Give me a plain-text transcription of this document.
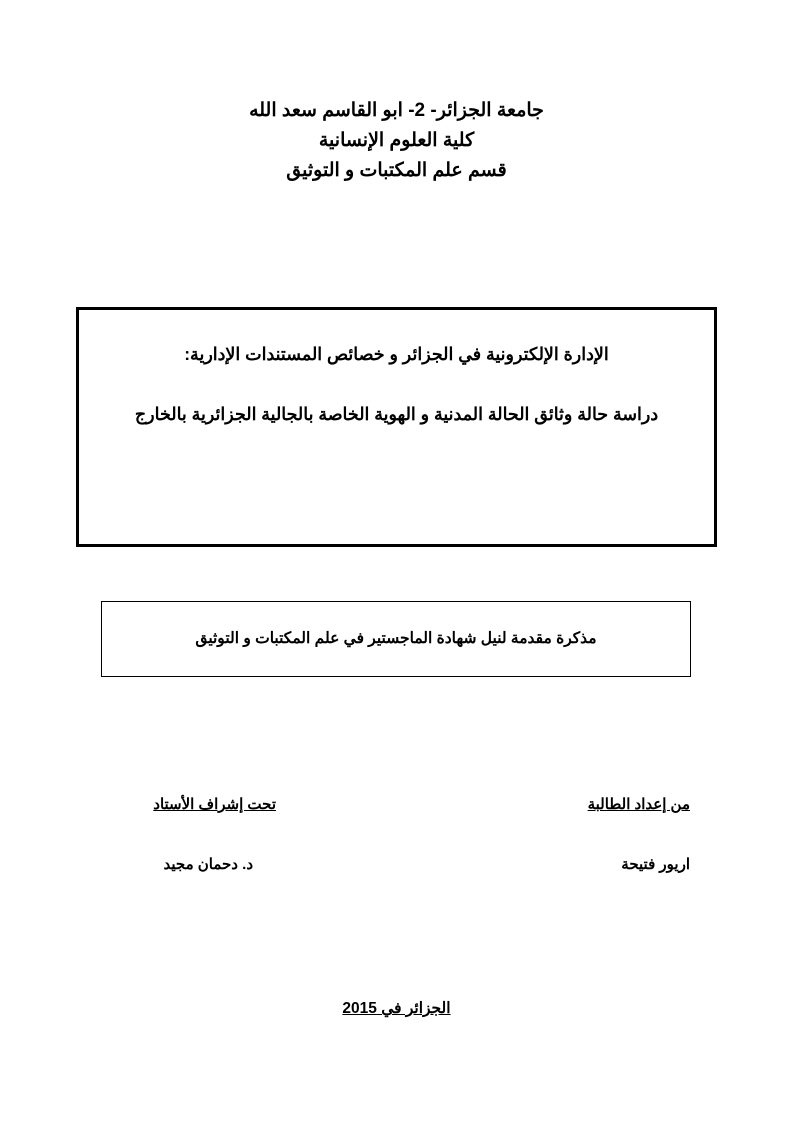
جامعة الجزائر- 2- ابو القاسم سعد الله
كلية العلوم الإنسانية
قسم علم المكتبات و التوثيق
الإدارة الإلكترونية في الجزائر و خصائص المستندات الإدارية:
دراسة حالة وثائق الحالة المدنية و الهوية الخاصة بالجالية الجزائرية بالخارج
مذكرة مقدمة لنيل شهادة الماجستير في علم المكتبات و التوثيق
تحت إشراف الأستاد	من إعداد الطالبة
د. دحمان مجيد	اريور فتيحة
الجزائر في 2015
